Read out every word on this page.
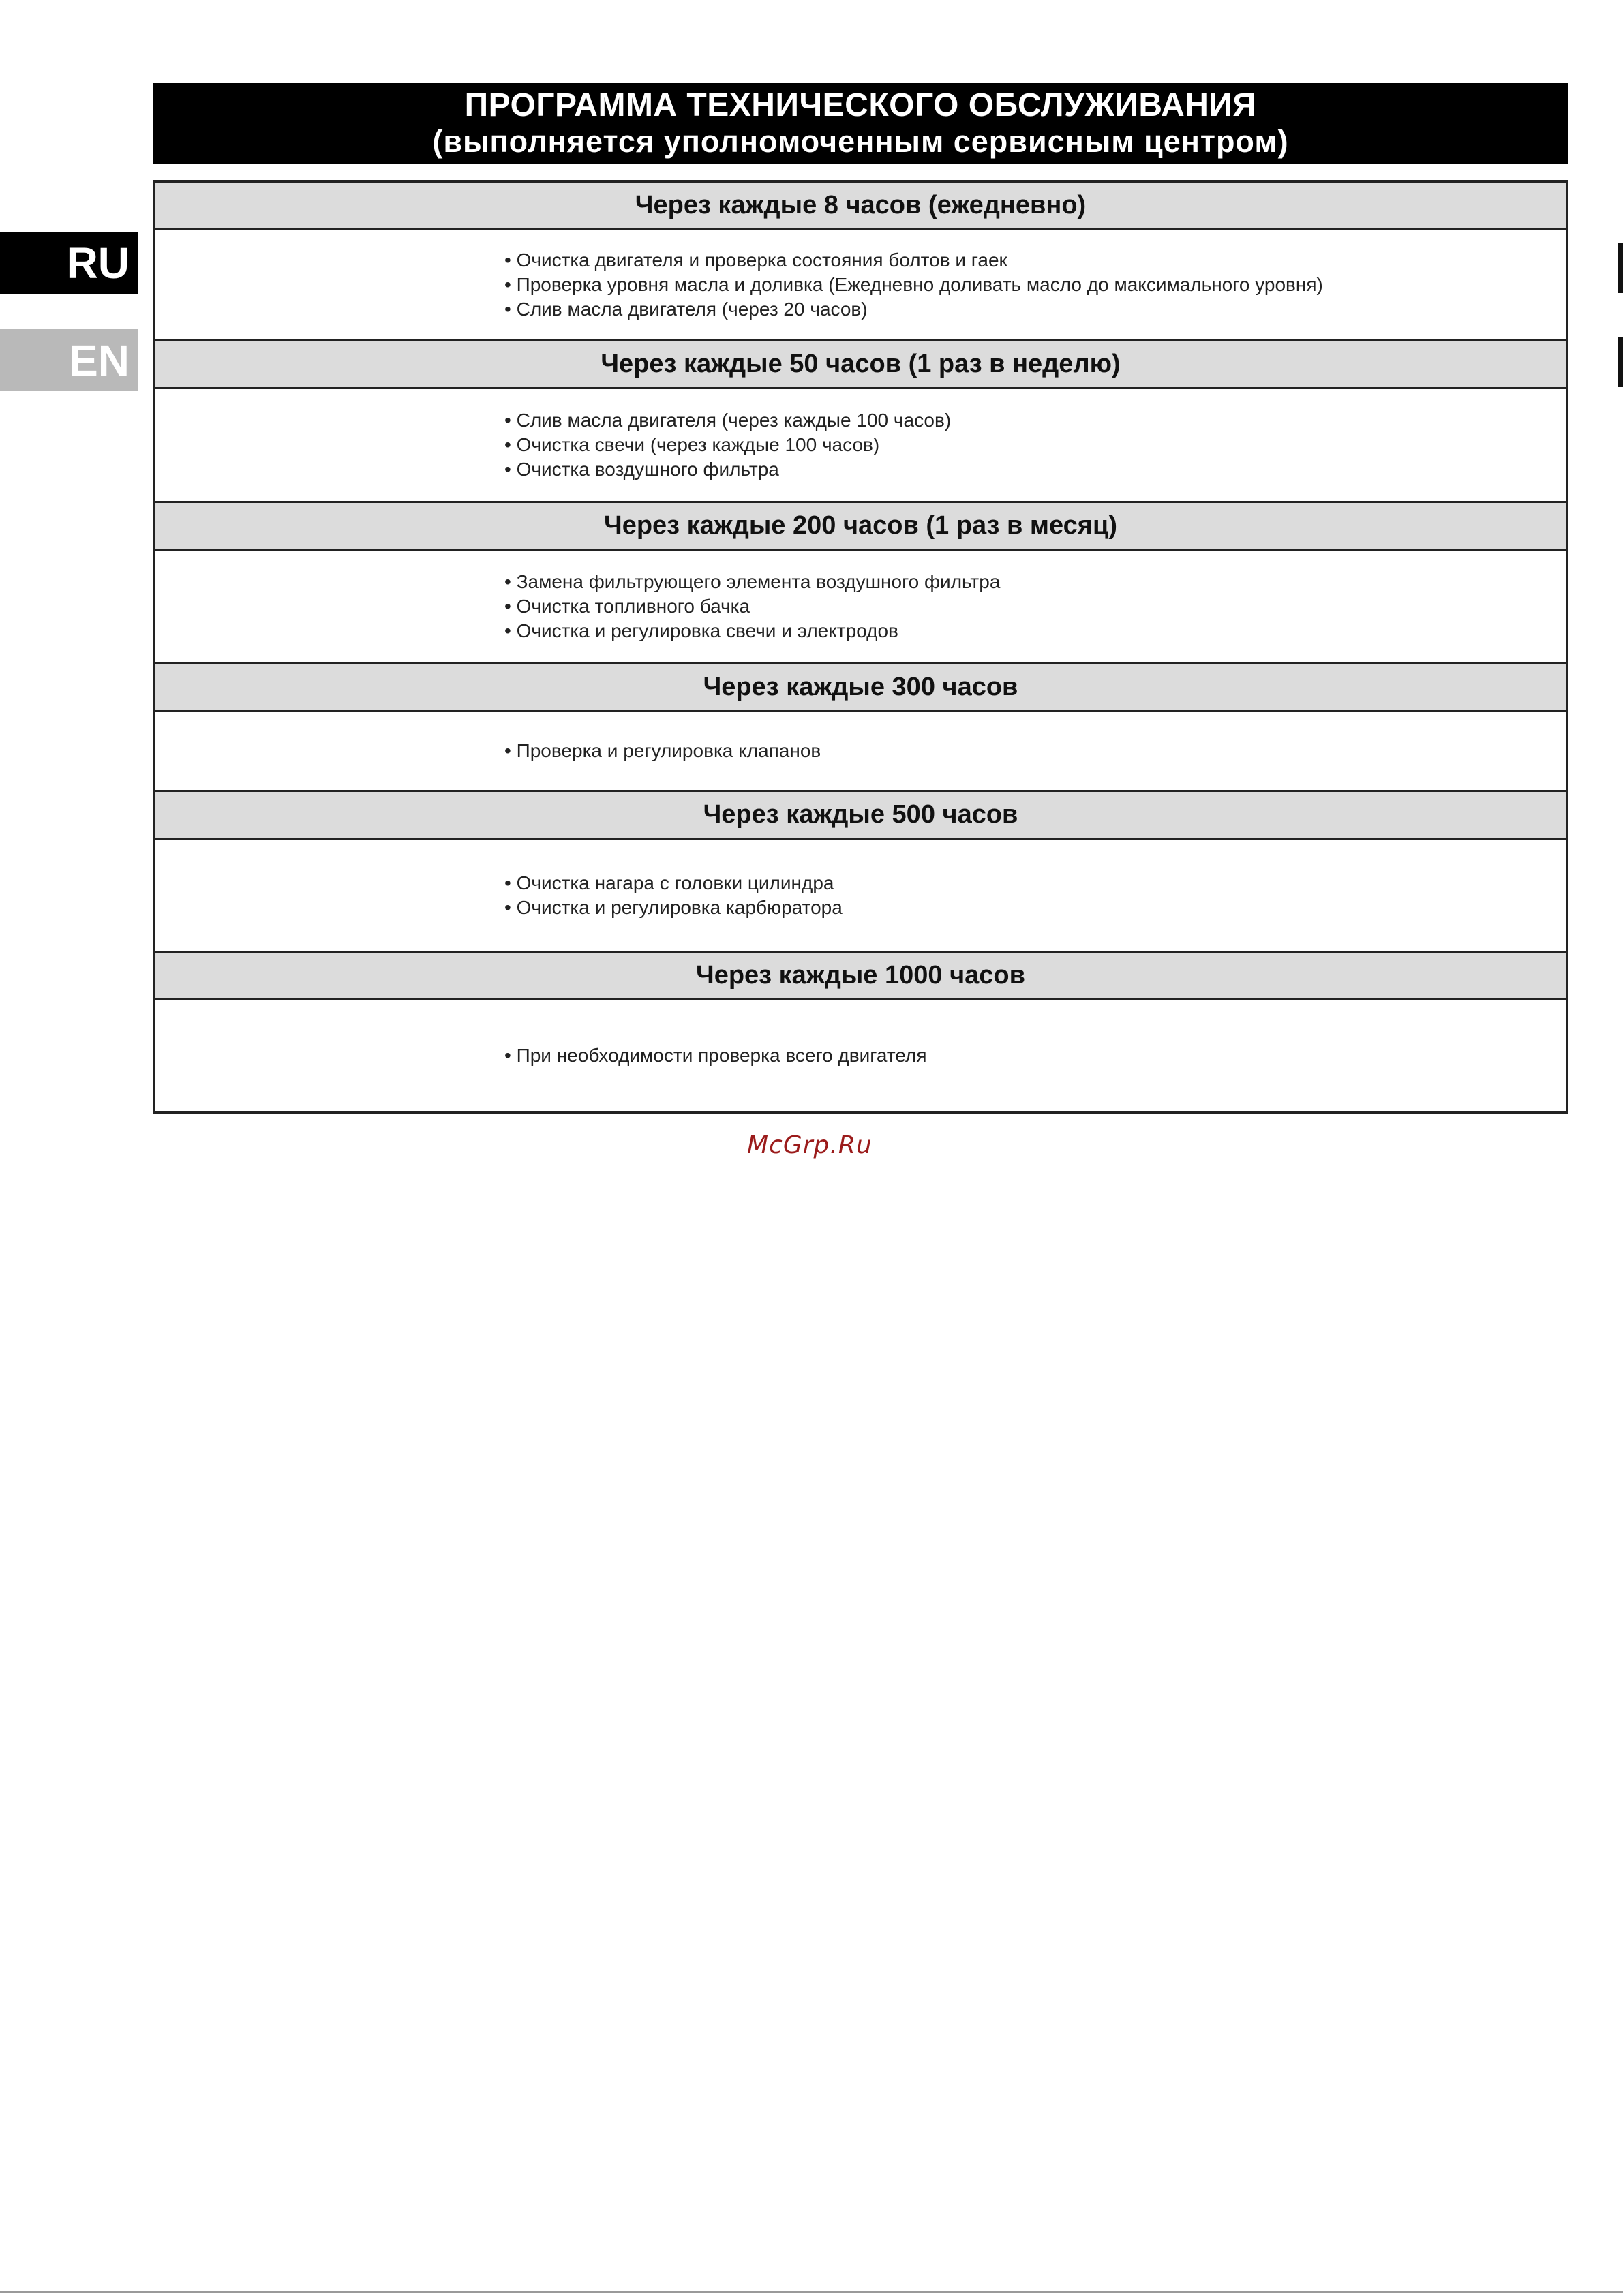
RU
EN
ПРОГРАММА ТЕХНИЧЕСКОГО ОБСЛУЖИВАНИЯ
(выполняется уполномоченным сервисным центром)
Через каждые 8 часов (ежедневно)
• Очистка двигателя и проверка состояния болтов и гаек
• Проверка уровня масла и доливка (Ежедневно доливать масло до максимального уровня)
• Слив масла двигателя (через 20 часов)
Через каждые 50 часов (1 раз в неделю)
• Слив масла двигателя (через каждые 100 часов)
• Очистка свечи (через каждые 100 часов)
• Очистка воздушного фильтра
Через каждые 200 часов (1 раз в месяц)
• Замена фильтрующего элемента воздушного фильтра
• Очистка топливного бачка
• Очистка и регулировка свечи и электродов
Через каждые 300 часов
• Проверка и регулировка клапанов
Через каждые 500 часов
• Очистка нагара с головки цилиндра
• Очистка и регулировка карбюратора
Через каждые 1000 часов
• При необходимости проверка всего двигателя
McGrp.Ru
